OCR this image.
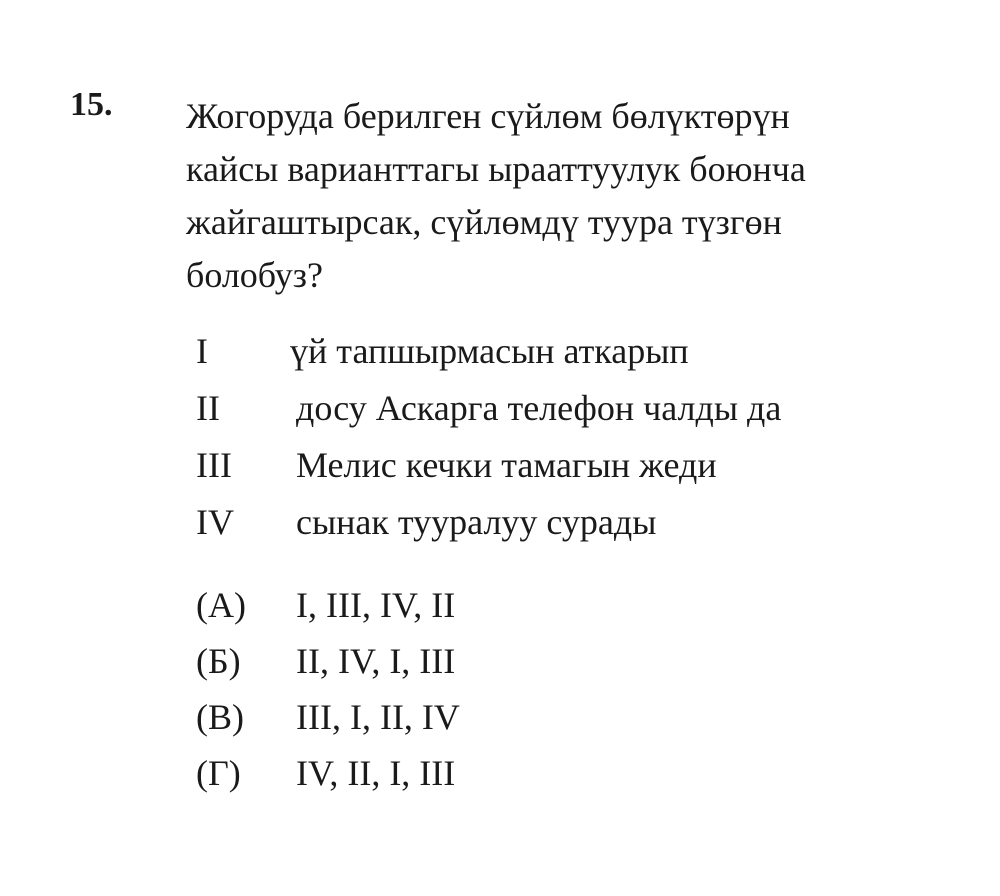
15. Жогоруда берилген сүйлөм бөлүктөрүн
кайсы варианттагы ырааттуулук боюнча
жайгаштырсак, сүйлөмдү туура түзгөн
болобуз?
I үй тапшырмасын аткарып
II досу Аскарга телефон чалды да
III Мелис кечки тамагын жеди
IV сынак тууралуу сурады
(А) I, III, IV, II
(Б) II, IV, I, III
(В) III, I, II, IV
(Г) IV, II, I, III
